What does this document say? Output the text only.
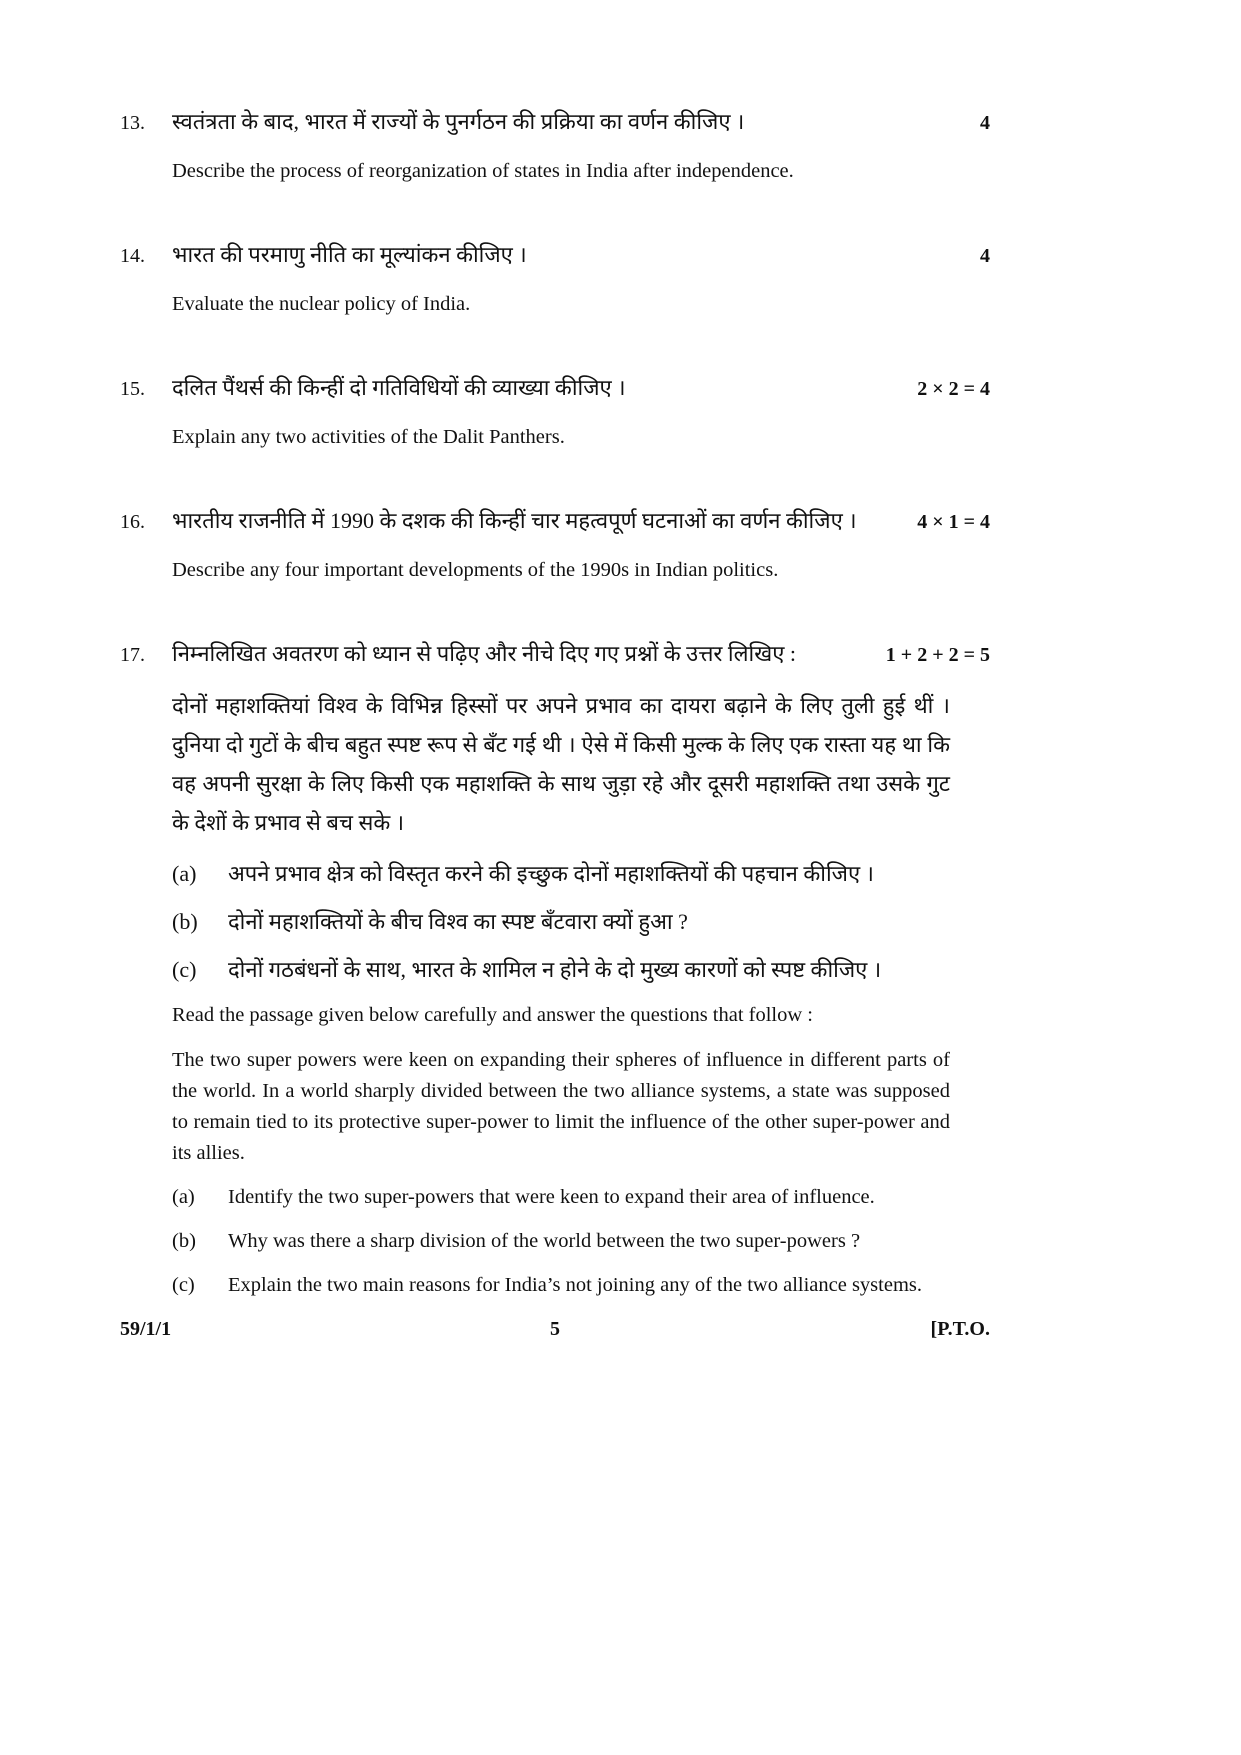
13.	स्वतंत्रता के बाद, भारत में राज्यों के पुनर्गठन की प्रक्रिया का वर्णन कीजिए ।	4
Describe the process of reorganization of states in India after independence.
14.	भारत की परमाणु नीति का मूल्यांकन कीजिए ।	4
Evaluate the nuclear policy of India.
15.	दलित पैंथर्स की किन्हीं दो गतिविधियों की व्याख्या कीजिए ।	2 × 2 = 4
Explain any two activities of the Dalit Panthers.
16.	भारतीय राजनीति में 1990 के दशक की किन्हीं चार महत्वपूर्ण घटनाओं का वर्णन कीजिए ।	4 × 1 = 4
Describe any four important developments of the 1990s in Indian politics.
17.	निम्नलिखित अवतरण को ध्यान से पढ़िए और नीचे दिए गए प्रश्नों के उत्तर लिखिए :	1 + 2 + 2 = 5
दोनों महाशक्तियां विश्व के विभिन्न हिस्सों पर अपने प्रभाव का दायरा बढ़ाने के लिए तुली हुई थीं । दुनिया दो गुटों के बीच बहुत स्पष्ट रूप से बँट गई थी । ऐसे में किसी मुल्क के लिए एक रास्ता यह था कि वह अपनी सुरक्षा के लिए किसी एक महाशक्ति के साथ जुड़ा रहे और दूसरी महाशक्ति तथा उसके गुट के देशों के प्रभाव से बच सके ।
(a)	अपने प्रभाव क्षेत्र को विस्तृत करने की इच्छुक दोनों महाशक्तियों की पहचान कीजिए ।
(b)	दोनों महाशक्तियों के बीच विश्व का स्पष्ट बँटवारा क्यों हुआ ?
(c)	दोनों गठबंधनों के साथ, भारत के शामिल न होने के दो मुख्य कारणों को स्पष्ट कीजिए ।
Read the passage given below carefully and answer the questions that follow :
The two super powers were keen on expanding their spheres of influence in different parts of the world. In a world sharply divided between the two alliance systems, a state was supposed to remain tied to its protective super-power to limit the influence of the other super-power and its allies.
(a)	Identify the two super-powers that were keen to expand their area of influence.
(b)	Why was there a sharp division of the world between the two super-powers ?
(c)	Explain the two main reasons for India’s not joining any of the two alliance systems.
59/1/1	5	[P.T.O.
